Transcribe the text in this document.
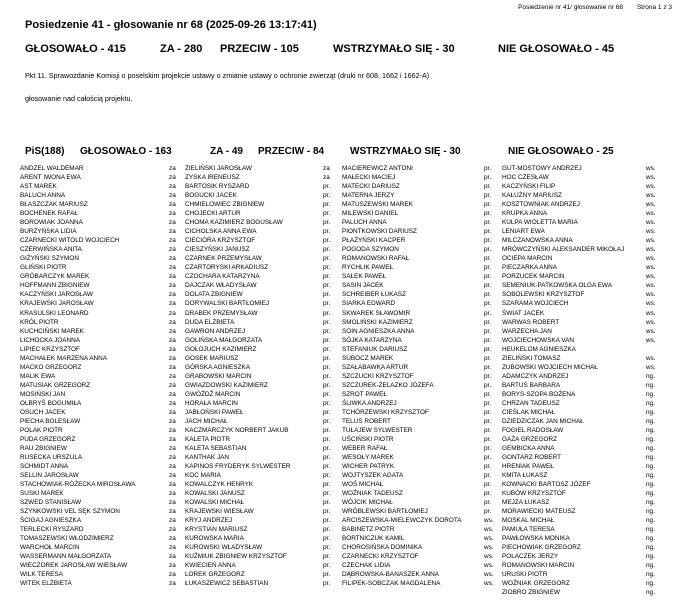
Posiedzenie nr 41/ głosowanie nr 68 Strona 1 z 3
Posiedzenie 41 - głosowanie nr 68 (2025-09-26 13:17:41)
GŁOSOWAŁO - 415	ZA - 280 PRZECIW - 105	WSTRZYMAŁO SIĘ - 30	NIE GŁOSOWAŁO - 45
Pkt 11. Sprawozdanie Komisji o poselskim projekcie ustawy o zmianie ustawy o ochronie zwierząt (druki nr 608, 1662 i 1662-A)
głosowanie nad całością projektu.
PiS(188) GŁOSOWAŁO - 163	ZA - 49 PRZECIW - 84	WSTRZYMAŁO SIĘ - 30	NIE GŁOSOWAŁO - 25
ANDZEL WALDEMAR	za
ARENT IWONA EWA	za
AST MAREK	za
BALUCH ANNA	za
BŁASZCZAK MARIUSZ	za
BOCHENEK RAFAŁ	za
BOROWIAK JOANNA	za
BURZYŃSKA LIDIA	za
CZARNECKI WITOLD WOJCIECH	za
CZERWIŃSKA ANITA	za
GIŻYŃSKI SZYMON	za
GLIŃSKI PIOTR	za
GRÓBARCZYK MAREK	za
HOFFMANN ZBIGNIEW	za
KACZYŃSKI JAROSŁAW	za
KRAJEWSKI JAROSŁAW	za
KRASULSKI LEONARD	za
KRÓL PIOTR	za
KUCHCIŃSKI MAREK	za
LICHOCKA JOANNA	za
LIPIEC KRZYSZTOF	za
MACHAŁEK MARZENA ANNA	za
MACKO GRZEGORZ	za
MALIK EWA	za
MATUSIAK GRZEGORZ	za
MOSIŃSKI JAN	za
OLBRYŚ BOGUMIŁA	za
OSUCH JACEK	za
PIECHA BOLESŁAW	za
POLAK PIOTR	za
PUDA GRZEGORZ	za
RAU ZBIGNIEW	za
RUSECKA URSZULA	za
SCHMIDT ANNA	za
SELLIN JAROSŁAW	za
STACHOWIAK-RÓŻECKA MIROSŁAWA	za
SUSKI MAREK	za
SZWED STANISŁAW	za
SZYNKOWSKI VEL SĘK SZYMON	za
ŚCIGAJ AGNIESZKA	za
TERLECKI RYSZARD	za
TOMASZEWSKI WŁODZIMIERZ	za
WARCHOŁ MARCIN	za
WASSERMANN MAŁGORZATA	za
WIECZOREK JAROSŁAW WIESŁAW	za
WILK TERESA	za
WITEK ELŻBIETA	za
ZIELIŃSKI JAROSŁAW	za
ZYSKA IRENEUSZ	za
BARTOSIK RYSZARD	pr.
BOGUCKI JACEK	pr.
CHMIELOWIEC ZBIGNIEW	pr.
CHOJECKI ARTUR	pr.
CHOMA KAZIMIERZ BOGUSŁAW	pr.
CICHOLSKA ANNA EWA	pr.
CIECIÓRA KRZYSZTOF	pr.
CIESZYŃSKI JANUSZ	pr.
CZARNEK PRZEMYSŁAW	pr.
CZARTORYSKI ARKADIUSZ	pr.
CZOCHARA KATARZYNA	pr.
DAJCZAK WŁADYSŁAW	pr.
DOLATA ZBIGNIEW	pr.
DORYWALSKI BARTŁOMIEJ	pr.
DRABEK PRZEMYSŁAW	pr.
DUDA ELŻBIETA	pr.
GAWRON ANDRZEJ	pr.
GOLIŃSKA MAŁGORZATA	pr.
GOŁOJUCH KAZIMIERZ	pr.
GOSEK MARIUSZ	pr.
GÓRSKA AGNIESZKA	pr.
GRABOWSKI MARCIN	pr.
GWIAZDOWSKI KAZIMIERZ	pr.
GWÓŹDŹ MARCIN	pr.
HORAŁA MARCIN	pr.
JABŁOŃSKI PAWEŁ	pr.
JACH MICHAŁ	pr.
KACZMARCZYK NORBERT JAKUB	pr.
KALETA PIOTR	pr.
KALETA SEBASTIAN	pr.
KANTHAK JAN	pr.
KAPINOS FRYDERYK SYLWESTER	pr.
KOC MARIA	pr.
KOWALCZYK HENRYK	pr.
KOWALSKI JANUSZ	pr.
KOWALSKI MICHAŁ	pr.
KRAJEWSKI WIESŁAW	pr.
KRYJ ANDRZEJ	pr.
KRYSTIAN MARIUSZ	pr.
KUROWSKA MARIA	pr.
KUROWSKI WŁADYSŁAW	pr.
KUŹMIUK ZBIGNIEW KRZYSZTOF	pr.
KWIECIEŃ ANNA	pr.
LOREK GRZEGORZ	pr.
ŁUKASZEWICZ SEBASTIAN	pr.
MACIEREWICZ ANTONI	pr.
MAŁECKI MACIEJ	pr.
MATECKI DARIUSZ	pr.
MATERNA JERZY	pr.
MATUSZEWSKI MAREK	pr.
MILEWSKI DANIEL	pr.
PALUCH ANNA	pr.
PIONTKOWSKI DARIUSZ	pr.
PŁAŻYŃSKI KACPER	pr.
POGODA SZYMON	pr.
ROMANOWSKI RAFAŁ	pr.
RYCHLIK PAWEŁ	pr.
SAŁEK PAWEŁ	pr.
SASIN JACEK	pr.
SCHREIBER ŁUKASZ	pr.
SIARKA EDWARD	pr.
SKWAREK SŁAWOMIR	pr.
SMOLIŃSKI KAZIMIERZ	pr.
SOIN AGNIESZKA ANNA	pr.
SÓJKA KATARZYNA	pr.
STEFANIUK DARIUSZ	pr.
SUBOCZ MAREK	pr.
SZAŁABAWKA ARTUR	pr.
SZCZUCKI KRZYSZTOF	pr.
SZCZUREK-ŻELAZKO JÓZEFA	pr.
SZROT PAWEŁ	pr.
ŚLIWKA ANDRZEJ	pr.
TCHÓRZEWSKI KRZYSZTOF	pr.
TELUS ROBERT	pr.
TUŁAJEW SYLWESTER	pr.
UŚCIŃSKI PIOTR	pr.
WEBER RAFAŁ	pr.
WESOŁY MAREK	pr.
WICHER PATRYK	pr.
WOJTYSZEK AGATA	pr.
WOŚ MICHAŁ	pr.
WOŹNIAK TADEUSZ	pr.
WÓJCIK MICHAŁ	pr.
WRÓBLEWSKI BARTŁOMIEJ	pr.
ARCISZEWSKA-MIELEWCZYK DOROTA	ws.
BABINETZ PIOTR	ws.
BORTNICZUK KAMIL	ws.
CHOROSIŃSKA DOMINIKA	ws.
CZARNECKI KRZYSZTOF	ws.
CZECHAK LIDIA	ws.
DĄBROWSKA-BANASZEK ANNA	ws.
FILIPEK-SOBCZAK MAGDALENA	ws.
GUT-MOSTOWY ANDRZEJ	ws.
HOC CZESŁAW	ws.
KACZYŃSKI FILIP	ws.
KAŁUŻNY MARIUSZ	ws.
KOSZTOWNIAK ANDRZEJ	ws.
KRUPKA ANNA	ws.
KULPA WIOLETTA MARIA	ws.
LENIART EWA	ws.
MILCZANOWSKA ANNA	ws.
MRÓWCZYŃSKI ALEKSANDER MIKOŁAJ	ws.
OCIEPA MARCIN	ws.
PIECZARKA ANNA	ws.
PORZUCEK MARCIN	ws.
SEMENIUK-PATKOWSKA OLGA EWA	ws.
SOBOLEWSKI KRZYSZTOF	ws.
SZARAMA WOJCIECH	ws.
ŚWIAT JACEK	ws.
WARWAS ROBERT	ws.
WARZECHA JAN	ws.
WOJCIECHOWSKA VAN	ws.
HEUKELOM AGNIESZKA
ZIELIŃSKI TOMASZ	ws.
ZUBOWSKI WOJCIECH MICHAŁ	ws.
ADAMCZYK ANDRZEJ	ng.
BARTUŚ BARBARA	ng.
BORYS-SZOPA BOŻENA	ng.
CHRZAN TADEUSZ	ng.
CIEŚLAK MICHAŁ	ng.
DZIEDZICZAK JAN MICHAŁ	ng.
FOGIEL RADOSŁAW	ng.
GAŻA GRZEGORZ	ng.
GEMBICKA ANNA	ng.
GONTARZ ROBERT	ng.
HRENIAK PAWEŁ	ng.
KMITA ŁUKASZ	ng.
KOWNACKI BARTOSZ JÓZEF	ng.
KUBÓW KRZYSZTOF	ng.
MEJZA ŁUKASZ	ng.
MORAWIECKI MATEUSZ	ng.
MOSKAL MICHAŁ	ng.
PAMUŁA TERESA	ng.
PAWŁOWSKA MONIKA	ng.
PIECHOWIAK GRZEGORZ	ng.
POLACZEK JERZY	ng.
ROMANOWSKI MARCIN	ng.
URUSKI PIOTR	ng.
WOŹNIAK GRZEGORZ	ng.
ZIOBRO ZBIGNIEW	ng.
